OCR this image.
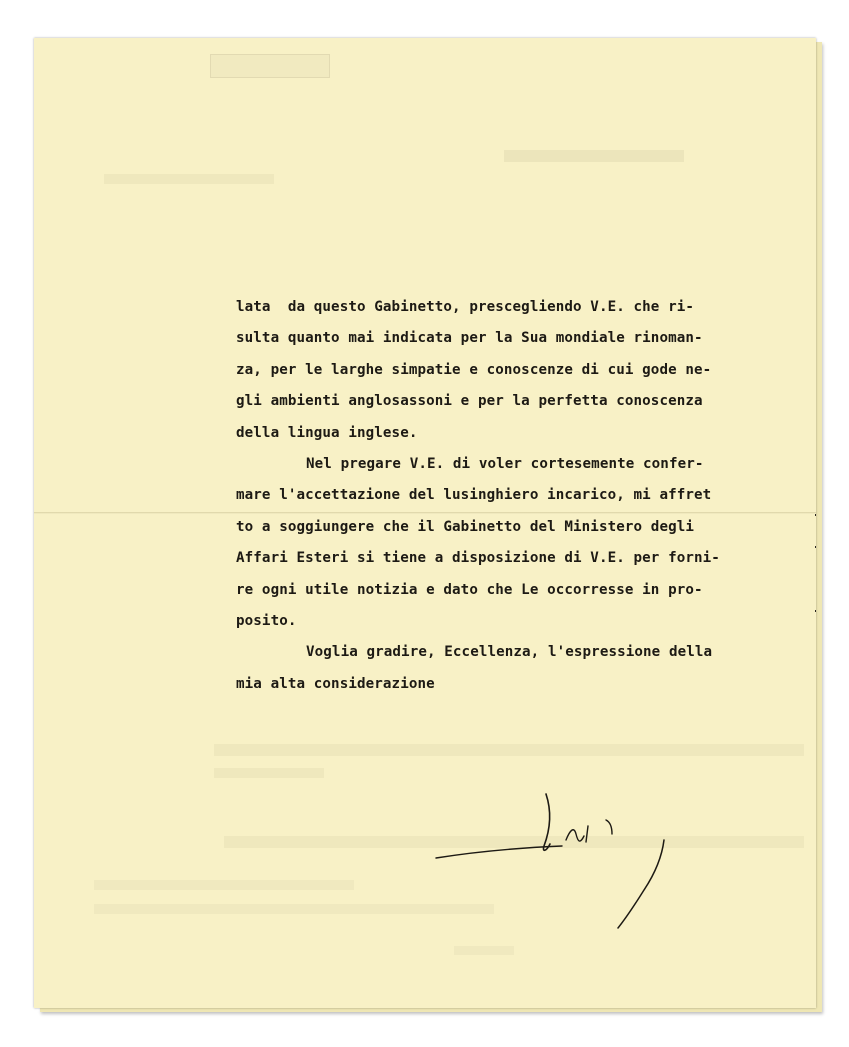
lata  da questo Gabinetto, prescegliendo V.E. che ri-
sulta quanto mai indicata per la Sua mondiale rinoman-
za, per le larghe simpatie e conoscenze di cui gode ne-
gli ambienti anglosassoni e per la perfetta conoscenza
della lingua inglese.
Nel pregare V.E. di voler cortesemente confer-
mare l'accettazione del lusinghiero incarico, mi affret
to a soggiungere che il Gabinetto del Ministero degli
Affari Esteri si tiene a disposizione di V.E. per forni-
re ogni utile notizia e dato che Le occorresse in pro-
posito.
Voglia gradire, Eccellenza, l'espressione della
mia alta considerazione
